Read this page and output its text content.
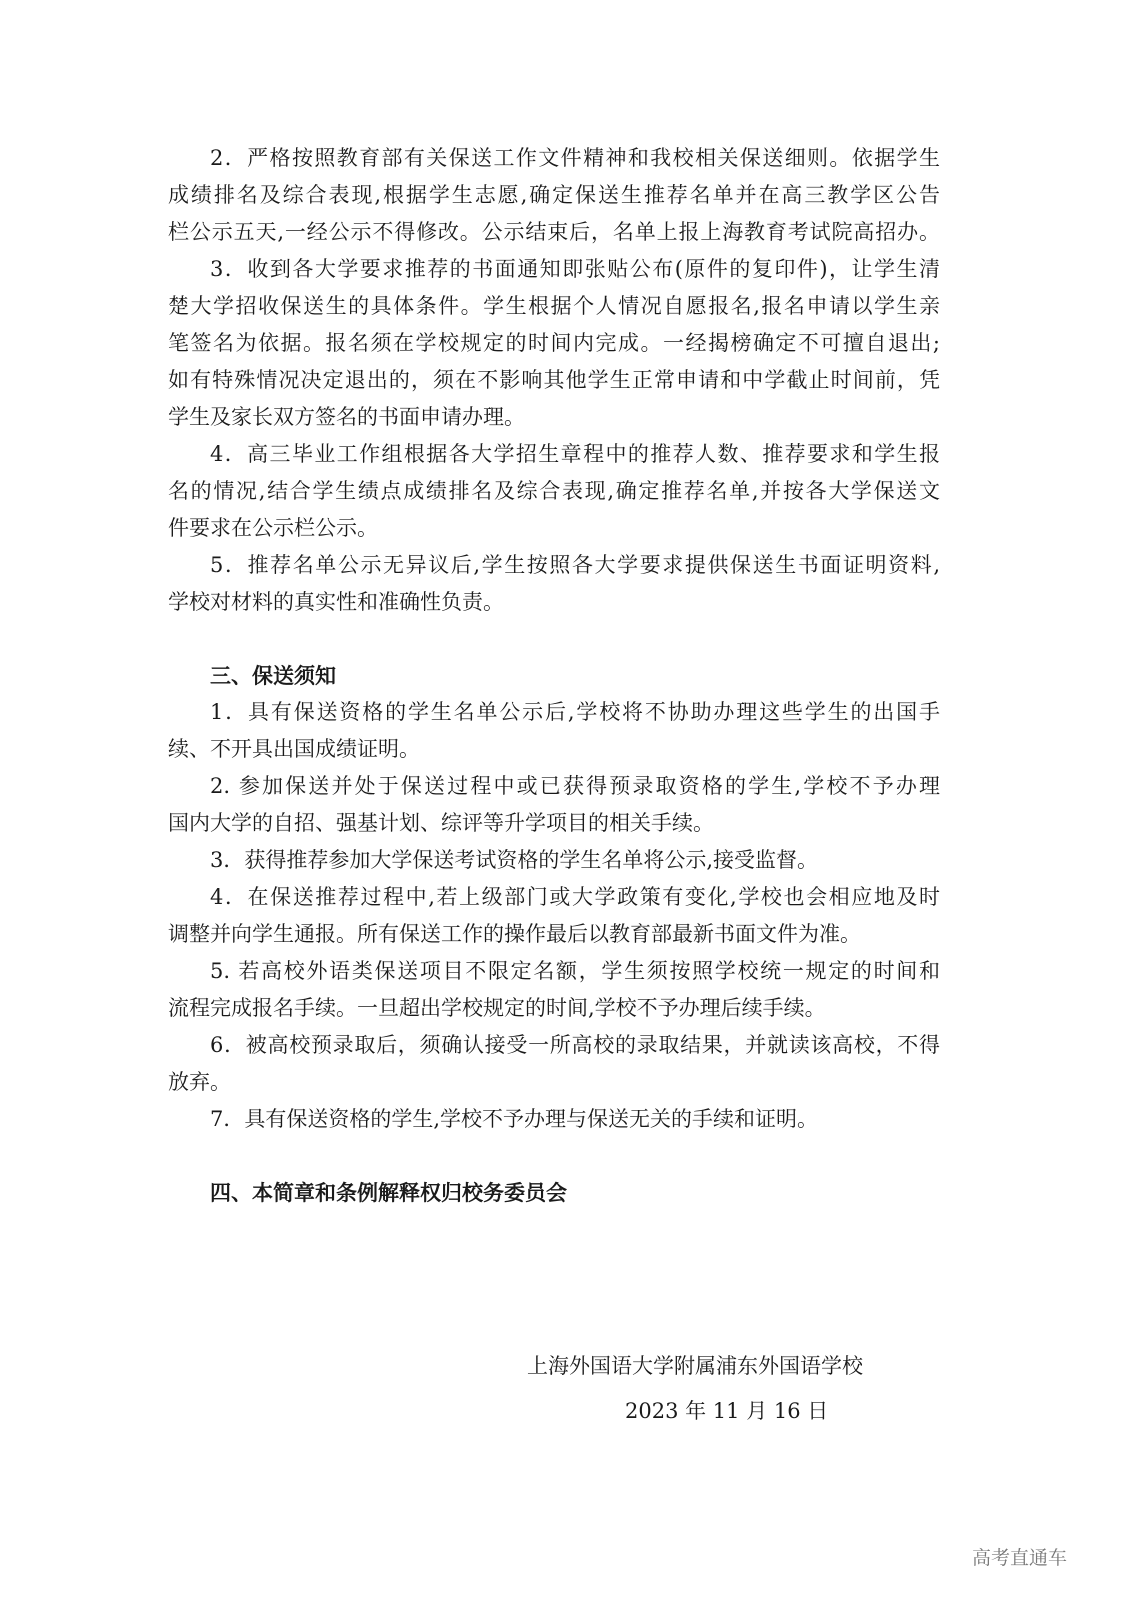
2．严格按照教育部有关保送工作文件精神和我校相关保送细则。依据学生
成绩排名及综合表现,根据学生志愿,确定保送生推荐名单并在高三教学区公告
栏公示五天,一经公示不得修改。公示结束后，名单上报上海教育考试院高招办。
3．收到各大学要求推荐的书面通知即张贴公布(原件的复印件)，让学生清
楚大学招收保送生的具体条件。学生根据个人情况自愿报名,报名申请以学生亲
笔签名为依据。报名须在学校规定的时间内完成。一经揭榜确定不可擅自退出;
如有特殊情况决定退出的，须在不影响其他学生正常申请和中学截止时间前，凭
学生及家长双方签名的书面申请办理。
4．高三毕业工作组根据各大学招生章程中的推荐人数、推荐要求和学生报
名的情况,结合学生绩点成绩排名及综合表现,确定推荐名单,并按各大学保送文
件要求在公示栏公示。
5．推荐名单公示无异议后,学生按照各大学要求提供保送生书面证明资料,
学校对材料的真实性和准确性负责。
三、保送须知
1．具有保送资格的学生名单公示后,学校将不协助办理这些学生的出国手
续、不开具出国成绩证明。
2. 参加保送并处于保送过程中或已获得预录取资格的学生,学校不予办理
国内大学的自招、强基计划、综评等升学项目的相关手续。
3．获得推荐参加大学保送考试资格的学生名单将公示,接受监督。
4．在保送推荐过程中,若上级部门或大学政策有变化,学校也会相应地及时
调整并向学生通报。所有保送工作的操作最后以教育部最新书面文件为准。
5. 若高校外语类保送项目不限定名额，学生须按照学校统一规定的时间和
流程完成报名手续。一旦超出学校规定的时间,学校不予办理后续手续。
6．被高校预录取后，须确认接受一所高校的录取结果，并就读该高校，不得
放弃。
7．具有保送资格的学生,学校不予办理与保送无关的手续和证明。
四、本简章和条例解释权归校务委员会
上海外国语大学附属浦东外国语学校
2023 年 11 月 16 日
高考直通车
